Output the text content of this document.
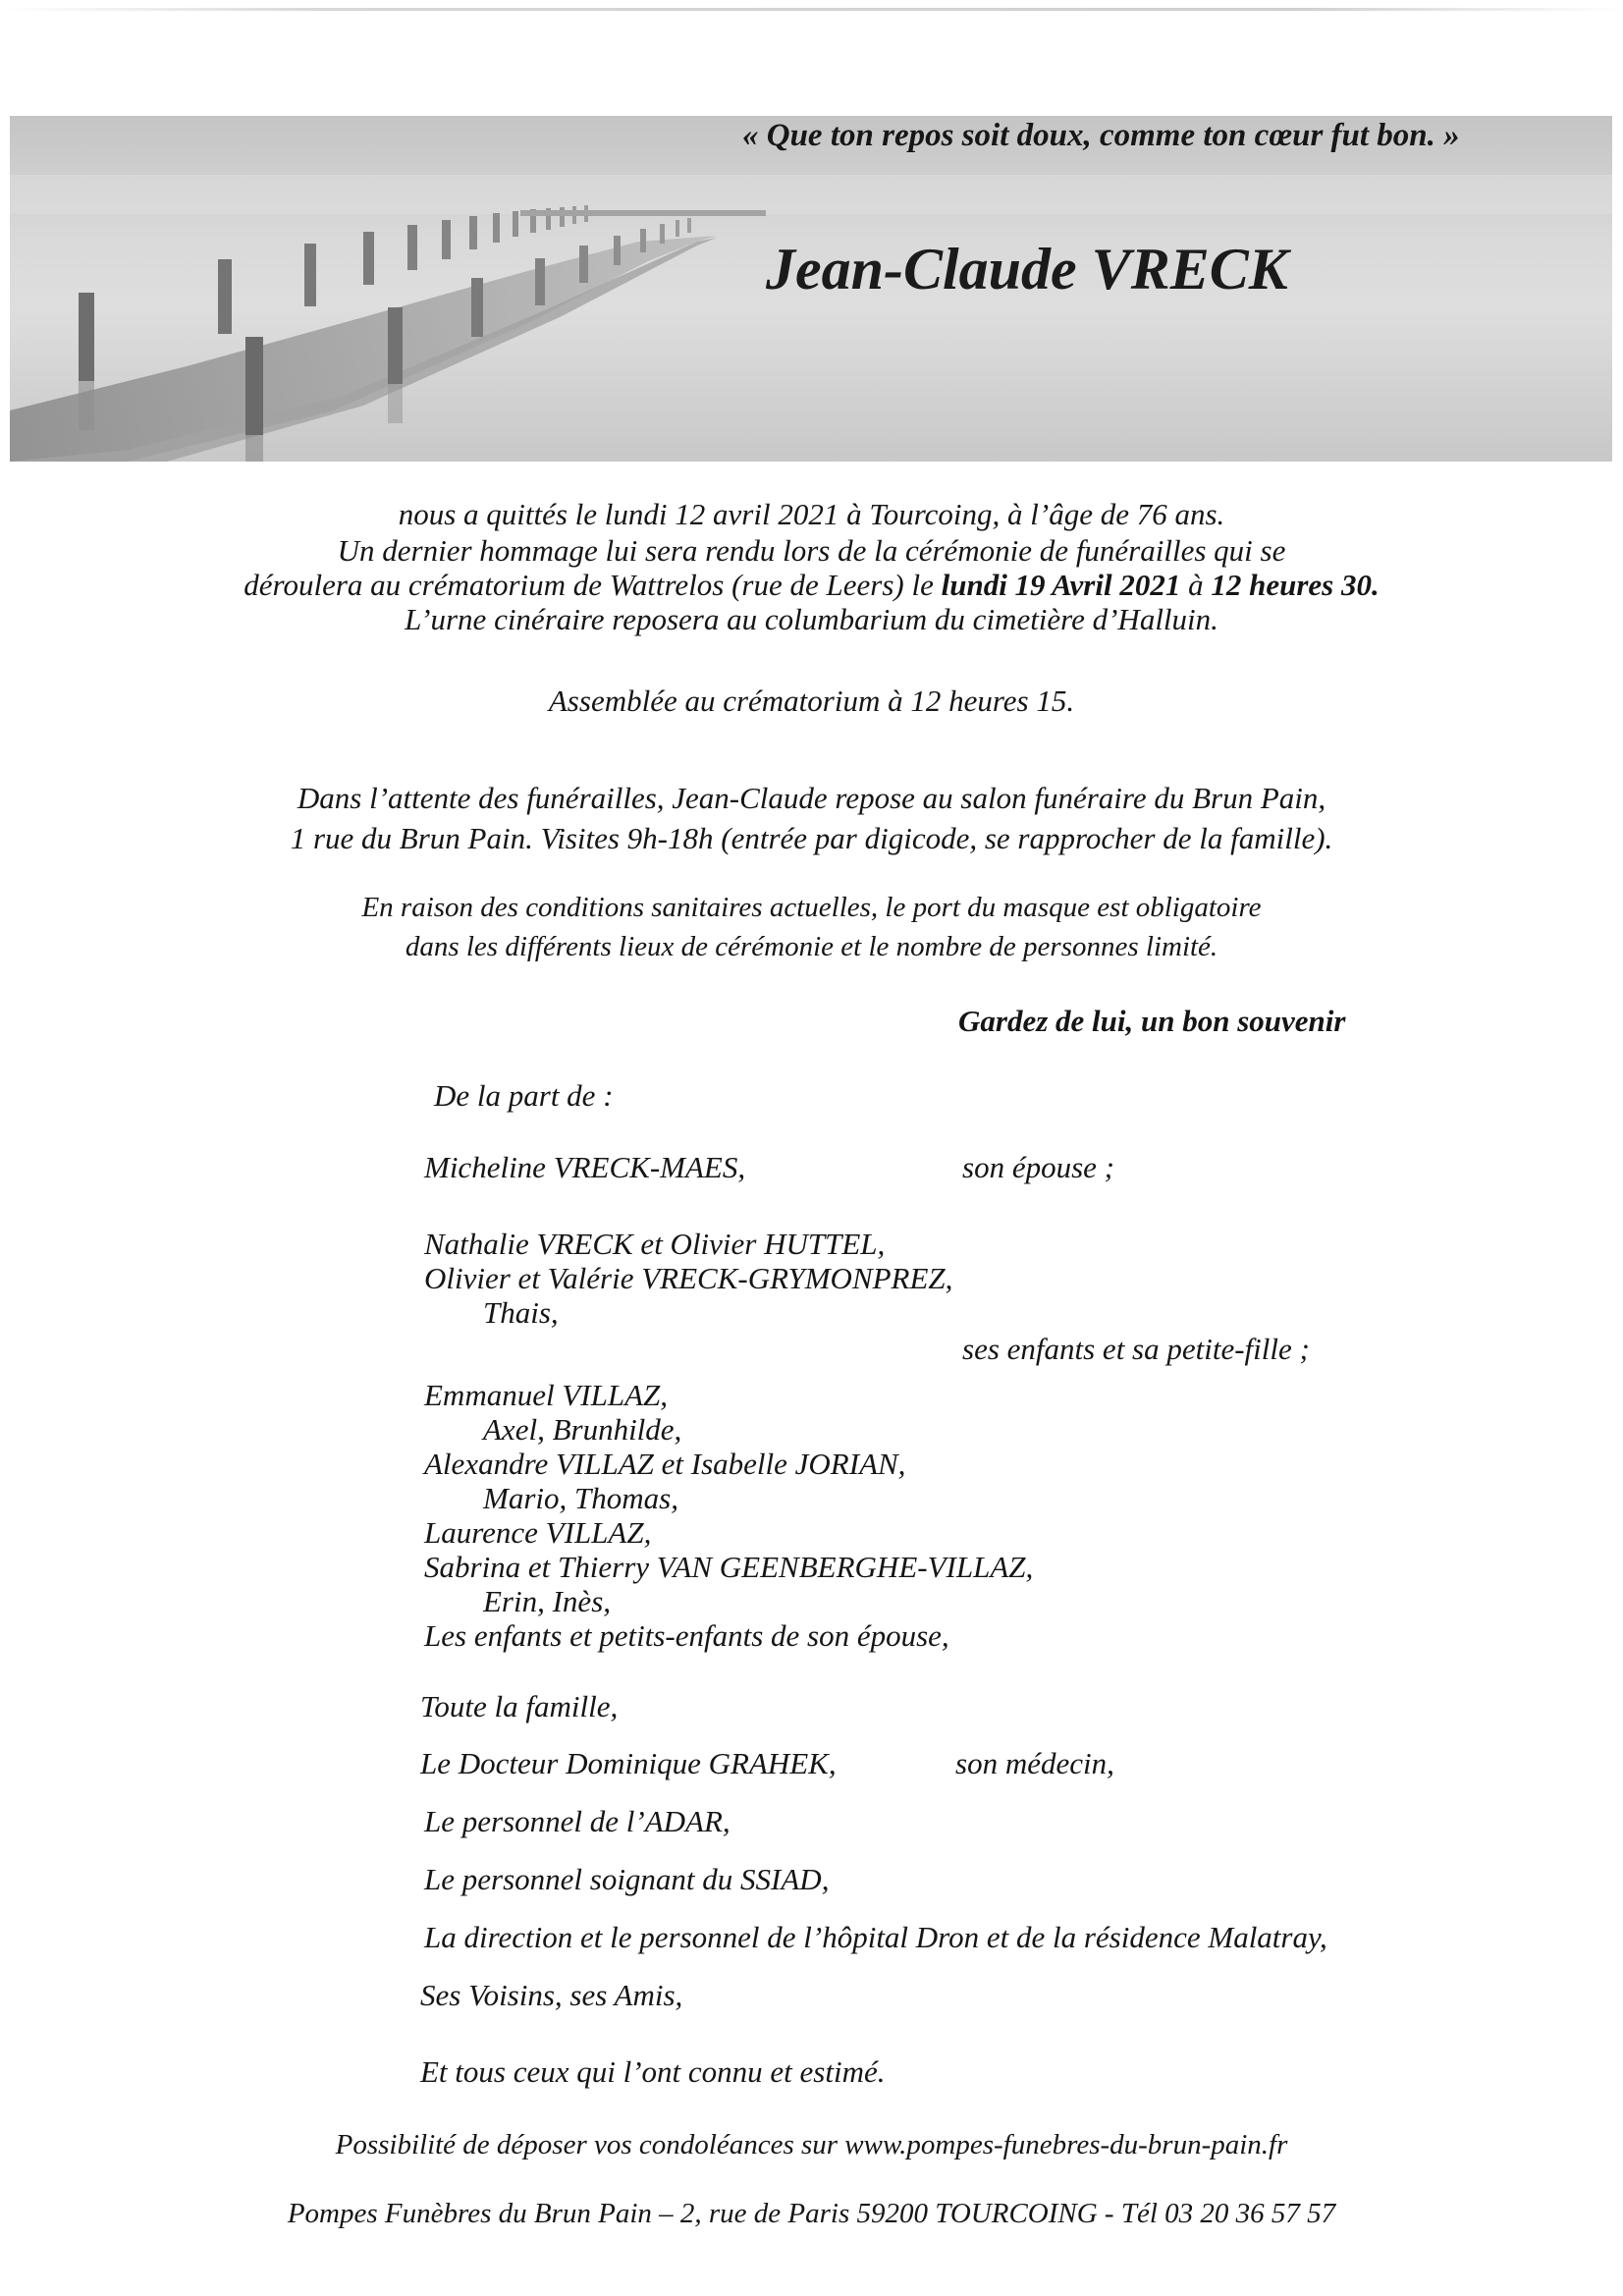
« Que ton repos soit doux, comme ton cœur fut bon. »
Jean-Claude VRECK
nous a quittés le lundi 12 avril 2021 à Tourcoing, à l’âge de 76 ans.
Un dernier hommage lui sera rendu lors de la cérémonie de funérailles qui se
déroulera au crématorium de Wattrelos (rue de Leers) le lundi 19 Avril 2021 à 12 heures 30.
L’urne cinéraire reposera au columbarium du cimetière d’Halluin.
Assemblée au crématorium à 12 heures 15.
Dans l’attente des funérailles, Jean-Claude repose au salon funéraire du Brun Pain,
1 rue du Brun Pain. Visites 9h-18h (entrée par digicode, se rapprocher de la famille).
En raison des conditions sanitaires actuelles, le port du masque est obligatoire
dans les différents lieux de cérémonie et le nombre de personnes limité.
Gardez de lui, un bon souvenir
De la part de :
Micheline VRECK-MAES,	son épouse ;
Nathalie VRECK et Olivier HUTTEL,
Olivier et Valérie VRECK-GRYMONPREZ,
Thais,
ses enfants et sa petite-fille ;
Emmanuel VILLAZ,
Axel, Brunhilde,
Alexandre VILLAZ et Isabelle JORIAN,
Mario, Thomas,
Laurence VILLAZ,
Sabrina et Thierry VAN GEENBERGHE-VILLAZ,
Erin, Inès,
Les enfants et petits-enfants de son épouse,
Toute la famille,
Le Docteur Dominique GRAHEK,	son médecin,
Le personnel de l’ADAR,
Le personnel soignant du SSIAD,
La direction et le personnel de l’hôpital Dron et de la résidence Malatray,
Ses Voisins, ses Amis,
Et tous ceux qui l’ont connu et estimé.
Possibilité de déposer vos condoléances sur www.pompes-funebres-du-brun-pain.fr
Pompes Funèbres du Brun Pain – 2, rue de Paris 59200 TOURCOING - Tél 03 20 36 57 57
